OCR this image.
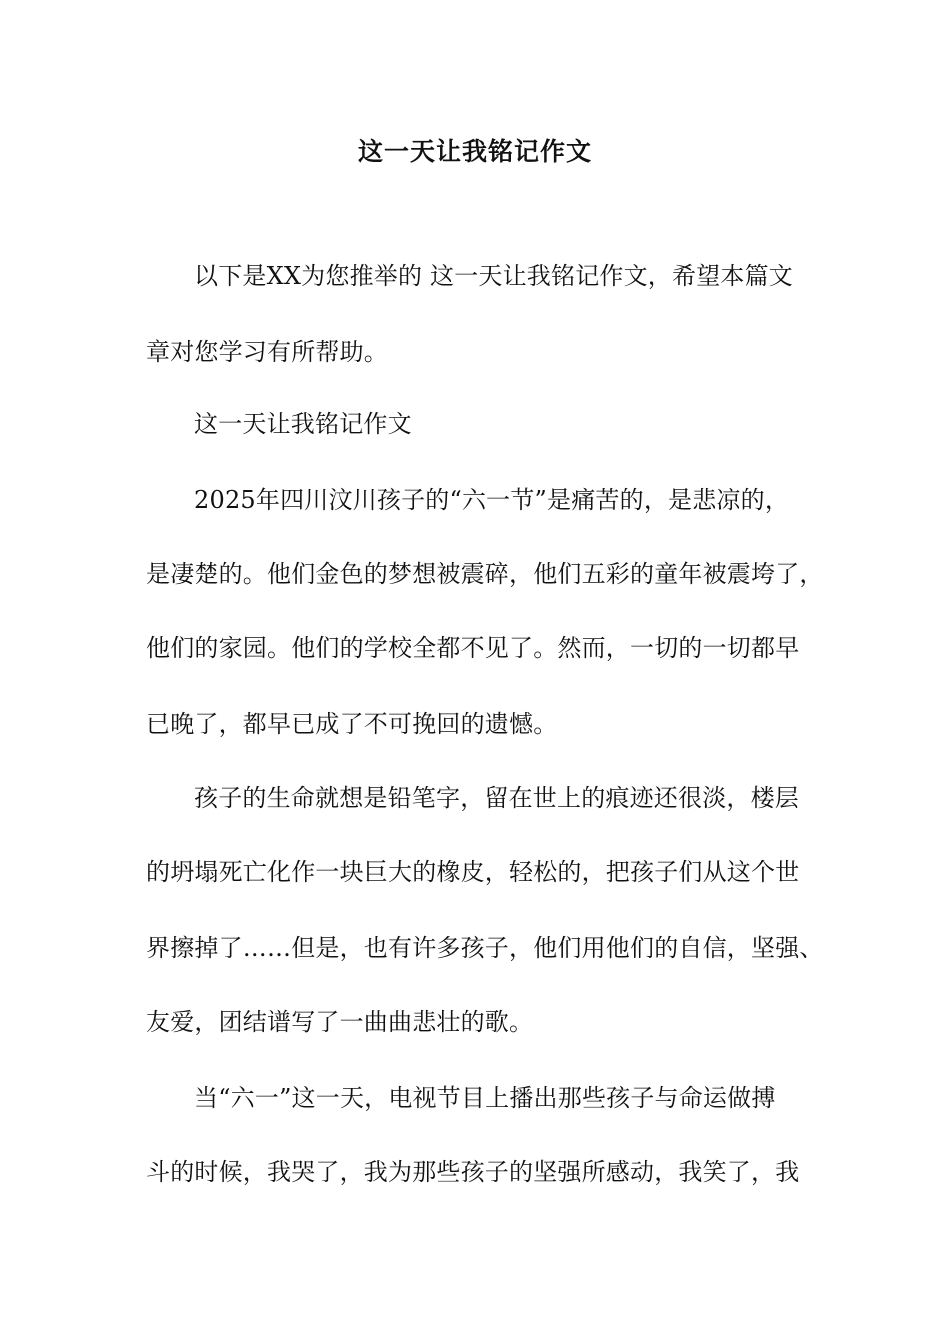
这一天让我铭记作文
以下是XX为您推举的 这一天让我铭记作文，希望本篇文
章对您学习有所帮助。
这一天让我铭记作文
2025年四川汶川孩子的“六一节”是痛苦的，是悲凉的，
是凄楚的。他们金色的梦想被震碎，他们五彩的童年被震垮了，
他们的家园。他们的学校全都不见了。然而，一切的一切都早
已晚了，都早已成了不可挽回的遗憾。
孩子的生命就想是铅笔字，留在世上的痕迹还很淡，楼层
的坍塌死亡化作一块巨大的橡皮，轻松的，把孩子们从这个世
界擦掉了……但是，也有许多孩子，他们用他们的自信，坚强、
友爱，团结谱写了一曲曲悲壮的歌。
当“六一”这一天，电视节目上播出那些孩子与命运做搏
斗的时候，我哭了，我为那些孩子的坚强所感动，我笑了，我
